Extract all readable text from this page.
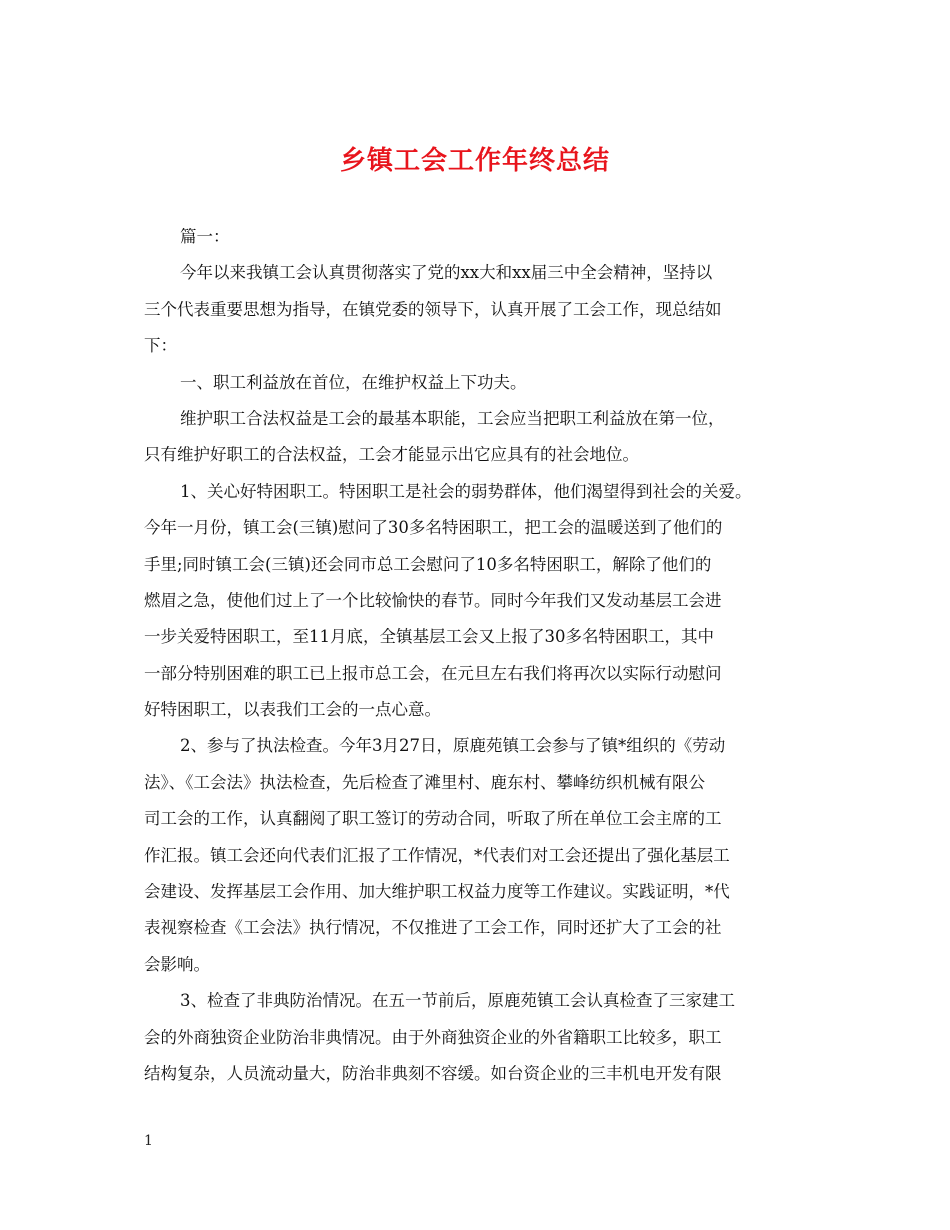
乡镇工会工作年终总结
篇一：
今年以来我镇工会认真贯彻落实了党的xx大和xx届三中全会精神，坚持以
三个代表重要思想为指导，在镇党委的领导下，认真开展了工会工作，现总结如
下：
一、职工利益放在首位，在维护权益上下功夫。
维护职工合法权益是工会的最基本职能，工会应当把职工利益放在第一位，
只有维护好职工的合法权益，工会才能显示出它应具有的社会地位。
1、关心好特困职工。特困职工是社会的弱势群体，他们渴望得到社会的关爱。
今年一月份，镇工会(三镇)慰问了30多名特困职工，把工会的温暖送到了他们的
手里;同时镇工会(三镇)还会同市总工会慰问了10多名特困职工，解除了他们的
燃眉之急，使他们过上了一个比较愉快的春节。同时今年我们又发动基层工会进
一步关爱特困职工，至11月底，全镇基层工会又上报了30多名特困职工，其中
一部分特别困难的职工已上报市总工会，在元旦左右我们将再次以实际行动慰问
好特困职工，以表我们工会的一点心意。
2、参与了执法检查。今年3月27日，原鹿苑镇工会参与了镇*组织的《劳动
法》、《工会法》执法检查，先后检查了滩里村、鹿东村、攀峰纺织机械有限公
司工会的工作，认真翻阅了职工签订的劳动合同，听取了所在单位工会主席的工
作汇报。镇工会还向代表们汇报了工作情况，*代表们对工会还提出了强化基层工
会建设、发挥基层工会作用、加大维护职工权益力度等工作建议。实践证明，*代
表视察检查《工会法》执行情况，不仅推进了工会工作，同时还扩大了工会的社
会影响。
3、检查了非典防治情况。在五一节前后，原鹿苑镇工会认真检查了三家建工
会的外商独资企业防治非典情况。由于外商独资企业的外省籍职工比较多，职工
结构复杂，人员流动量大，防治非典刻不容缓。如台资企业的三丰机电开发有限
1
